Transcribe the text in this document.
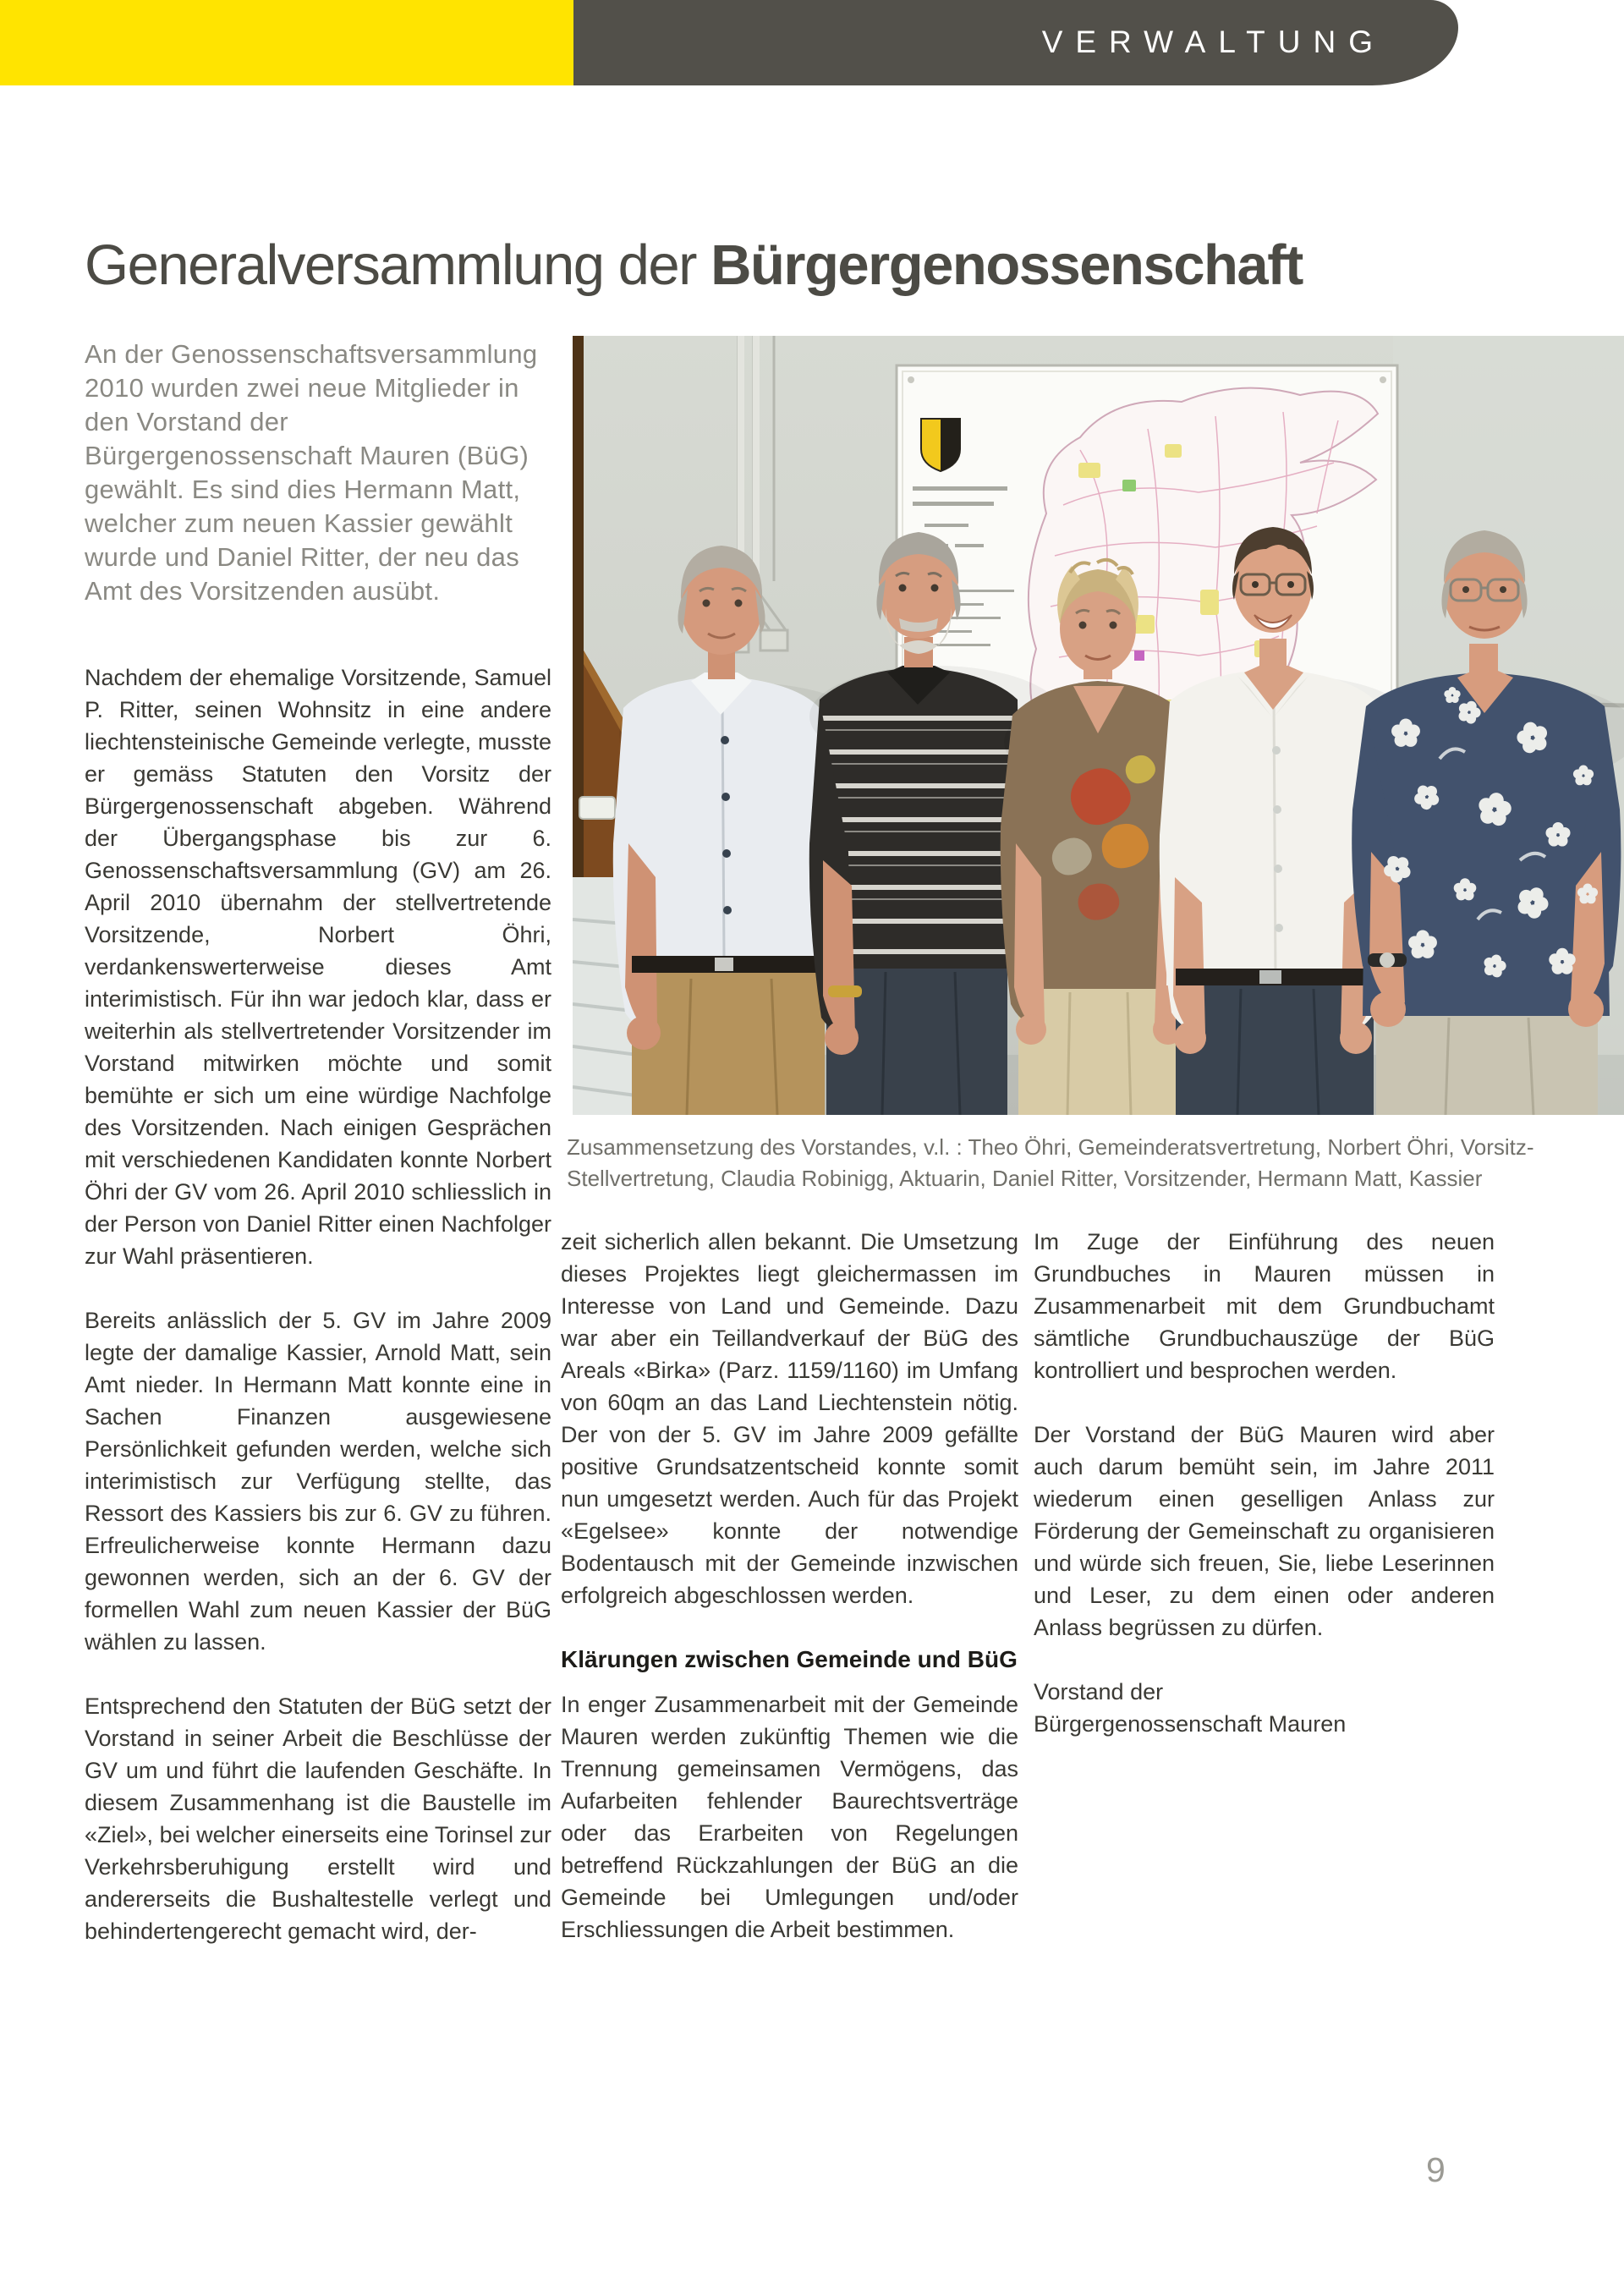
VERWALTUNG
Generalversammlung der Bürgergenossenschaft
An der Genossenschaftsversammlung 2010 wurden zwei neue Mitglieder in den Vorstand der Bürgergenossenschaft Mauren (BüG) gewählt. Es sind dies Hermann Matt, welcher zum neuen Kassier gewählt wurde und Daniel Ritter, der neu das Amt des Vorsitzenden ausübt.
Zusammensetzung des Vorstandes, v.l. : Theo Öhri, Gemeinderatsvertretung, Norbert Öhri, Vorsitz-Stellvertretung, Claudia Robinigg, Aktuarin, Daniel Ritter, Vorsitzender, Hermann Matt, Kassier

Nachdem der ehemalige Vorsitzende, Samuel P. Ritter, seinen Wohnsitz in eine andere liechtensteinische Gemeinde verlegte, musste er gemäss Statuten den Vorsitz der Bürgergenossenschaft abgeben. Während der Übergangsphase bis zur 6. Genossenschaftsversammlung (GV) am 26. April 2010 übernahm der stellvertretende Vorsitzende, Norbert Öhri, verdankenswerterweise dieses Amt interimistisch. Für ihn war jedoch klar, dass er weiterhin als stellvertretender Vorsitzender im Vorstand mitwirken möchte und somit bemühte er sich um eine würdige Nachfolge des Vorsitzenden. Nach einigen Gesprächen mit verschiedenen Kandidaten konnte Norbert Öhri der GV vom 26. April 2010 schliesslich in der Person von Daniel Ritter einen Nachfolger zur Wahl präsentieren.

Bereits anlässlich der 5. GV im Jahre 2009 legte der damalige Kassier, Arnold Matt, sein Amt nieder. In Hermann Matt konnte eine in Sachen Finanzen ausgewiesene Persönlichkeit gefunden werden, welche sich interimistisch zur Verfügung stellte, das Ressort des Kassiers bis zur 6. GV zu führen. Erfreulicherweise konnte Hermann dazu gewonnen werden, sich an der 6. GV der formellen Wahl zum neuen Kassier der BüG wählen zu lassen.

Entsprechend den Statuten der BüG setzt der Vorstand in seiner Arbeit die Beschlüsse der GV um und führt die laufenden Geschäfte. In diesem Zusammenhang ist die Baustelle im «Ziel», bei welcher einerseits eine Torinsel zur Verkehrsberuhigung erstellt wird und andererseits die Bushaltestelle verlegt und behindertengerecht gemacht wird, der-

zeit sicherlich allen bekannt. Die Umsetzung dieses Projektes liegt gleichermassen im Interesse von Land und Gemeinde. Dazu war aber ein Teillandverkauf der BüG des Areals «Birka» (Parz. 1159/1160) im Umfang von 60qm an das Land Liechtenstein nötig. Der von der 5. GV im Jahre 2009 gefällte positive Grundsatzentscheid konnte somit nun umgesetzt werden. Auch für das Projekt «Egelsee» konnte der notwendige Bodentausch mit der Gemeinde inzwischen erfolgreich abgeschlossen werden.

Klärungen zwischen Gemeinde und BüG

In enger Zusammenarbeit mit der Gemeinde Mauren werden zukünftig Themen wie die Trennung gemeinsamen Vermögens, das Aufarbeiten fehlender Baurechtsverträge oder das Erarbeiten von Regelungen betreffend Rückzahlungen der BüG an die Gemeinde bei Umlegungen und/oder Erschliessungen die Arbeit bestimmen.

Im Zuge der Einführung des neuen Grundbuches in Mauren müssen in Zusammenarbeit mit dem Grundbuchamt sämtliche Grundbuchauszüge der BüG kontrolliert und besprochen werden.

Der Vorstand der BüG Mauren wird aber auch darum bemüht sein, im Jahre 2011 wiederum einen geselligen Anlass zur Förderung der Gemeinschaft zu organisieren und würde sich freuen, Sie, liebe Leserinnen und Leser, zu dem einen oder anderen Anlass begrüssen zu dürfen.

Vorstand der
Bürgergenossenschaft Mauren
9
